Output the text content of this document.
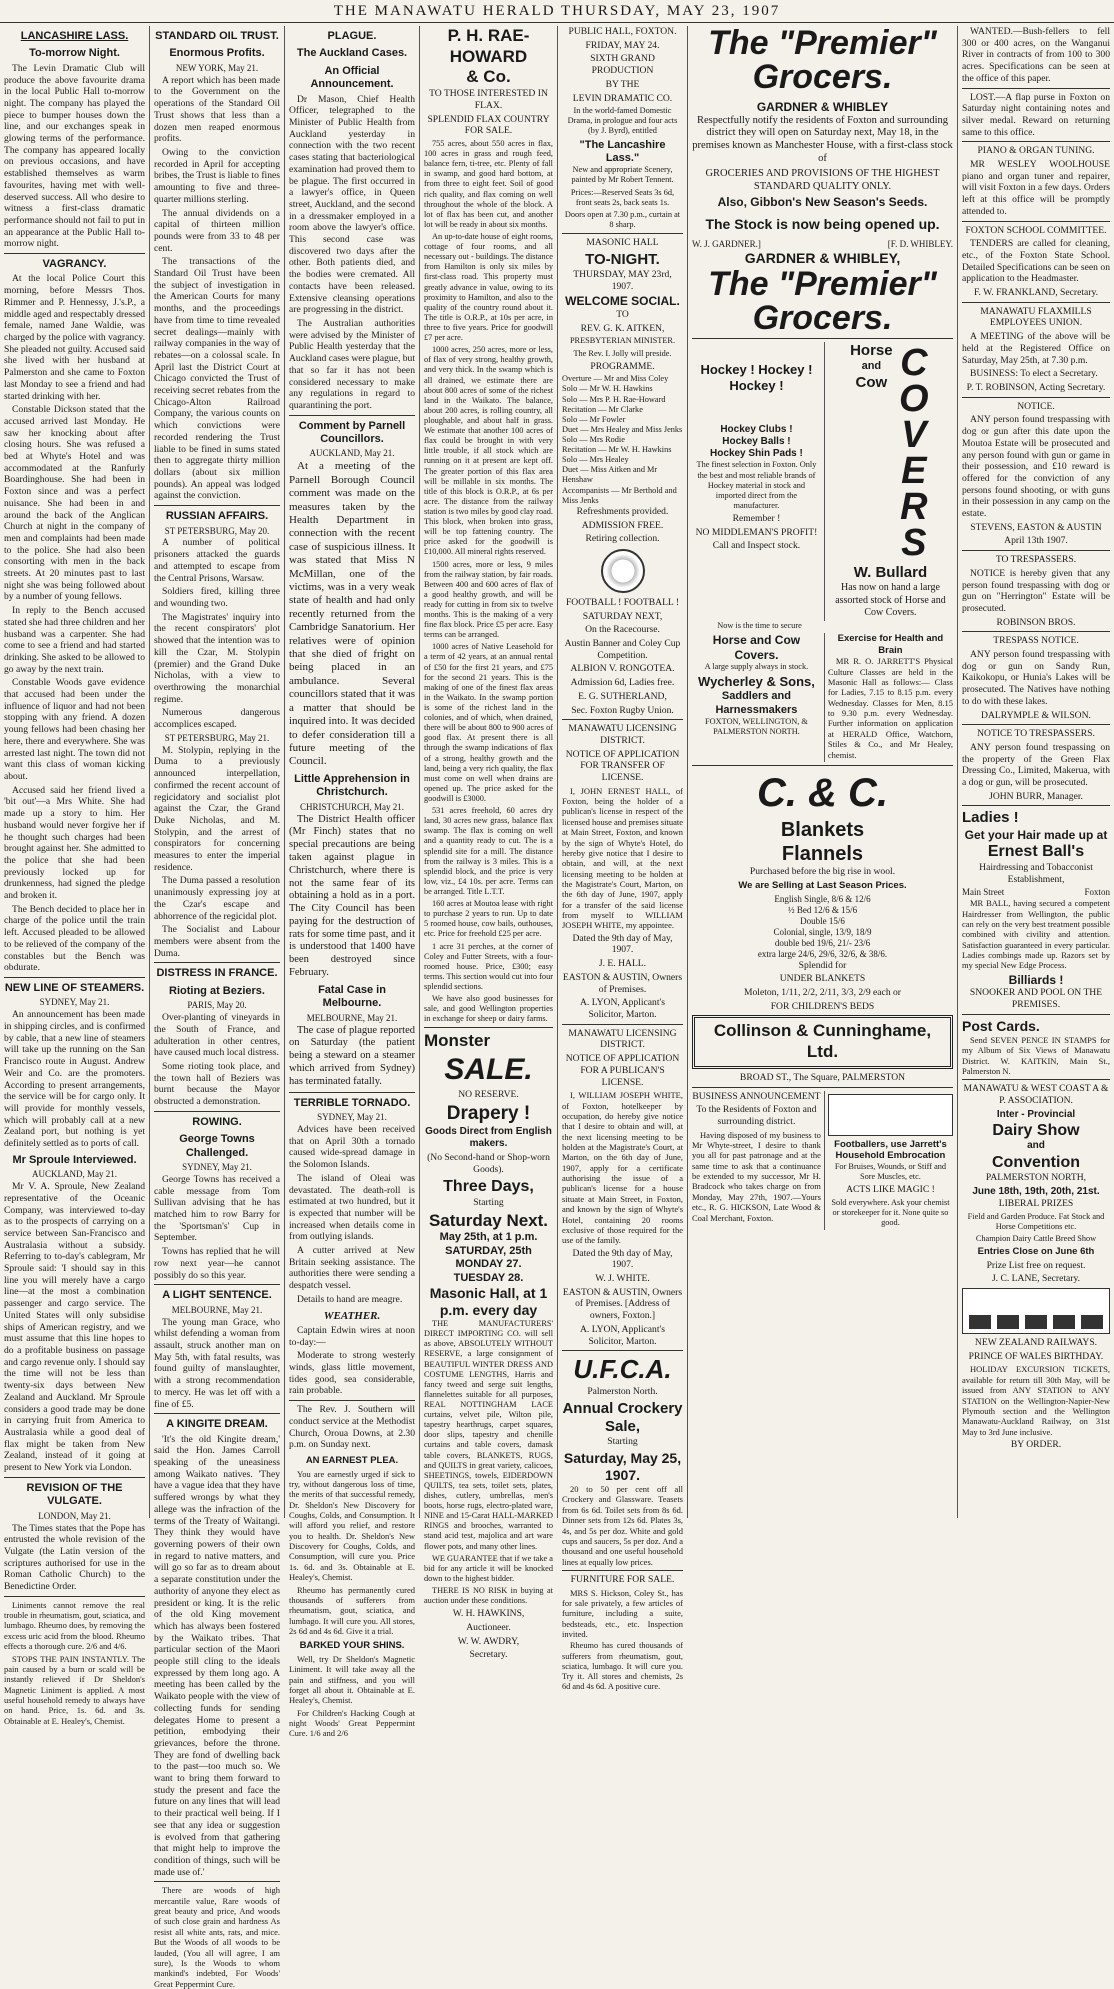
THE MANAWATU HERALD THURSDAY, MAY 23, 1907
LANCASHIRE LASS.
To-morrow Night.

The Levin Dramatic Club will produce the above favourite drama in the local Public Hall to-morrow night. The company has played the piece to bumper houses down the line, and our exchanges speak in glowing terms of the performance. The company has appeared locally on previous occasions, and have established themselves as warm favourites, having met with well-deserved success. All who desire to witness a first-class dramatic performance should not fail to put in an appearance at the Public Hall to-morrow night.

VAGRANCY.

At the local Police Court this morning, before Messrs Thos. Rimmer and P. Hennessy, J.'s.P., a middle aged and respectably dressed female, named Jane Waldie, was charged by the police with vagrancy. She pleaded not guilty. Accused said she lived with her husband at Palmerston and she came to Foxton last Monday to see a friend and had started drinking with her.

Constable Dickson stated that the accused arrived last Monday. He saw her knocking about after closing hours. She was refused a bed at Whyte's Hotel and was accommodated at the Ranfurly Boardinghouse. She had been in Foxton since and was a perfect nuisance. She had been in and around the back of the Anglican Church at night in the company of men and complaints had been made to the police. She had also been consorting with men in the back streets. At 20 minutes past to last night she was being followed about by a number of young fellows.

In reply to the Bench accused stated she had three children and her husband was a carpenter. She had come to see a friend and had started drinking. She asked to be allowed to go away by the next train.

Constable Woods gave evidence that accused had been under the influence of liquor and had not been stopping with any friend. A dozen young fellows had been chasing her here, there and everywhere. She was arrested last night. The town did not want this class of woman kicking about.

Accused said her friend lived a 'bit out'—a Mrs White. She had made up a story to him. Her husband would never forgive her if he thought such charges had been brought against her. She admitted to the police that she had been previously locked up for drunkenness, had signed the pledge and broken it.

The Bench decided to place her in charge of the police until the train left. Accused pleaded to be allowed to be relieved of the company of the constables but the Bench was obdurate.

NEW LINE OF STEAMERS.

SYDNEY, May 21.

An announcement has been made in shipping circles, and is confirmed by cable, that a new line of steamers will take up the running on the San Francisco route in August. Andrew Weir and Co. are the promoters. According to present arrangements, the service will be for cargo only. It will provide for monthly vessels, which will probably call at a new Zealand port, but nothing is yet definitely settled as to ports of call.

Mr Sproule Interviewed.

AUCKLAND, May 21.

Mr V. A. Sproule, New Zealand representative of the Oceanic Company, was interviewed to-day as to the prospects of carrying on a service between San-Francisco and Australasia without a subsidy. Referring to to-day's cablegram, Mr Sproule said: 'I should say in this line you will merely have a cargo line—at the most a combination passenger and cargo service. The United States will only subsidise ships of American registry, and we must assume that this line hopes to do a profitable business on passage and cargo revenue only. I should say the time will not be less than twenty-six days between New Zealand and Auckland. Mr Sproule considers a good trade may be done in carrying fruit from America to Australasia while a good deal of flax might be taken from New Zealand, instead of it going at present to New York via London.

REVISION OF THE VULGATE.

LONDON, May 21.

The Times states that the Pope has entrusted the whole revision of the Vulgate (the Latin version of the scriptures authorised for use in the Roman Catholic Church) to the Benedictine Order.

Liniments cannot remove the real trouble in rheumatism, gout, sciatica, and lumbago. Rheumo does, by removing the excess uric acid from the blood. Rheumo effects a thorough cure. 2/6 and 4/6.

STOPS THE PAIN INSTANTLY. The pain caused by a burn or scald will be instantly relieved if Dr Sheldon's Magnetic Liniment is applied. A most useful household remedy to always have on hand. Price, 1s. 6d. and 3s. Obtainable at E. Healey's, Chemist.

STANDARD OIL TRUST.
Enormous Profits.

NEW YORK, May 21.

A report which has been made to the Government on the operations of the Standard Oil Trust shows that less than a dozen men reaped enormous profits.

Owing to the conviction recorded in April for accepting bribes, the Trust is liable to fines amounting to five and three-quarter millions sterling.

The annual dividends on a capital of thirteen million pounds were from 33 to 48 per cent.

The transactions of the Standard Oil Trust have been the subject of investigation in the American Courts for many months, and the proceedings have from time to time revealed secret dealings—mainly with railway companies in the way of rebates—on a colossal scale. In April last the District Court at Chicago convicted the Trust of receiving secret rebates from the Chicago-Alton Railroad Company, the various counts on which convictions were recorded rendering the Trust liable to be fined in sums stated then to aggregate thirty million dollars (about six million pounds). An appeal was lodged against the conviction.

RUSSIAN AFFAIRS.

ST PETERSBURG, May 20.

A number of political prisoners attacked the guards and attempted to escape from the Central Prisons, Warsaw.

Soldiers fired, killing three and wounding two.

The Magistrates' inquiry into the recent conspirators' plot showed that the intention was to kill the Czar, M. Stolypin (premier) and the Grand Duke Nicholas, with a view to overthrowing the monarchial regime.

Numerous dangerous accomplices escaped.

ST PETERSBURG, May 21.

M. Stolypin, replying in the Duma to a previously announced interpellation, confirmed the recent account of regicidatory and socialist plot against the Czar, the Grand Duke Nicholas, and M. Stolypin, and the arrest of conspirators for concerning measures to enter the imperial residence.

The Duma passed a resolution unanimously expressing joy at the Czar's escape and abhorrence of the regicidal plot.

The Socialist and Labour members were absent from the Duma.

DISTRESS IN FRANCE.
Rioting at Beziers.

PARIS, May 20.

Over-planting of vineyards in the South of France, and adulteration in other centres, have caused much local distress.

Some rioting took place, and the town hall of Beziers was burnt because the Mayor obstructed a demonstration.

ROWING.
George Towns Challenged.

SYDNEY, May 21.

George Towns has received a cable message from Tom Sullivan advising that he has matched him to row Barry for the 'Sportsman's' Cup in September.

Towns has replied that he will row next year—he cannot possibly do so this year.

A LIGHT SENTENCE.

MELBOURNE, May 21.

The young man Grace, who whilst defending a woman from assault, struck another man on May 5th, with fatal results, was found guilty of manslaughter, with a strong recommendation to mercy. He was let off with a fine of £5.

A KINGITE DREAM.

'It's the old Kingite dream,' said the Hon. James Carroll speaking of the uneasiness among Waikato natives. 'They have a vague idea that they have suffered wrongs by what they allege was the infraction of the terms of the Treaty of Waitangi. They think they would have governing powers of their own in regard to native matters, and will go so far as to dream about a separate constitution under the authority of anyone they elect as president or king. It is the relic of the old King movement which has always been fostered by the Waikato tribes. That particular section of the Maori people still cling to the ideals expressed by them long ago. A meeting has been called by the Waikato people with the view of collecting funds for sending delegates Home to present a petition, embodying their grievances, before the throne. They are fond of dwelling back to the past—too much so. We want to bring them forward to study the present and face the future on any lines that will lead to their practical well being. If I see that any idea or suggestion is evolved from that gathering that might help to improve the condition of things, such will be made use of.'

There are woods of high mercantile value, Rare woods of great beauty and price, And woods of such close grain and hardness As resist all white ants, rats, and mice. But the Woods of all woods to be lauded, (You all will agree, I am sure), Is the Woods to whom mankind's indebted, For Woods' Great Peppermint Cure.

PLAGUE.
The Auckland Cases.
An Official Announcement.

Dr Mason, Chief Health Officer, telegraphed to the Minister of Public Health from Auckland yesterday in connection with the two recent cases stating that bacteriological examination had proved them to be plague. The first occurred in a lawyer's office, in Queen street, Auckland, and the second in a dressmaker employed in a room above the lawyer's office. This second case was discovered two days after the other. Both patients died, and the bodies were cremated. All contacts have been released. Extensive cleansing operations are progressing in the district.

The Australian authorities were advised by the Minister of Public Health yesterday that the Auckland cases were plague, but that so far it has not been considered necessary to make any regulations in regard to quarantining the port.

Comment by Parnell Councillors.

AUCKLAND, May 21.

At a meeting of the Parnell Borough Council comment was made on the measures taken by the Health Department in connection with the recent case of suspicious illness. It was stated that Miss N McMillan, one of the victims, was in a very weak state of health and had only recently returned from the Cambridge Sanatorium. Her relatives were of opinion that she died of fright on being placed in an ambulance. Several councillors stated that it was a matter that should be inquired into. It was decided to defer consideration till a future meeting of the Council.

Little Apprehension in Christchurch.

CHRISTCHURCH, May 21.

The District Health officer (Mr Finch) states that no special precautions are being taken against plague in Christchurch, where there is not the same fear of its obtaining a hold as in a port. The City Council has been paying for the destruction of rats for some time past, and it is understood that 1400 have been destroyed since February.

Fatal Case in Melbourne.

MELBOURNE, May 21.

The case of plague reported on Saturday (the patient being a steward on a steamer which arrived from Sydney) has terminated fatally.

TERRIBLE TORNADO.

SYDNEY, May 21.

Advices have been received that on April 30th a tornado caused wide-spread damage in the Solomon Islands.

The island of Oleai was devastated. The death-roll is estimated at two hundred, but it is expected that number will be increased when details come in from outlying islands.

A cutter arrived at New Britain seeking assistance. The authorities there were sending a despatch vessel.

Details to hand are meagre.

WEATHER.

Captain Edwin wires at noon to-day:—

Moderate to strong westerly winds, glass little movement, tides good, sea considerable, rain probable.

The Rev. J. Southern will conduct service at the Methodist Church, Oroua Downs, at 2.30 p.m. on Sunday next.

AN EARNEST PLEA.

You are earnestly urged if sick to try, without dangerous loss of time, the merits of that successful remedy, Dr. Sheldon's New Discovery for Coughs, Colds, and Consumption. It will afford you relief, and restore you to health. Dr. Sheldon's New Discovery for Coughs, Colds, and Consumption, will cure you. Price 1s. 6d. and 3s. Obtainable at E. Healey's, Chemist.

Rheumo has permanently cured thousands of sufferers from rheumatism, gout, sciatica, and lumbago. It will cure you. All stores, 2s 6d and 4s 6d. Give it a trial.

BARKED YOUR SHINS.

Well, try Dr Sheldon's Magnetic Liniment. It will take away all the pain and stiffness, and you will forget all about it. Obtainable at E. Healey's, Chemist.

For Children's Hacking Cough at night Woods' Great Peppermint Cure. 1/6 and 2/6

P. H. RAE-HOWARD
& Co.

TO THOSE INTERESTED IN FLAX.

SPLENDID FLAX COUNTRY FOR SALE.

755 acres, about 550 acres in flax, 100 acres in grass and rough feed, balance fern, ti-tree, etc. Plenty of fall in swamp, and good hard bottom, at from three to eight feet. Soil of good rich quality, and flax coming on well throughout the whole of the block. A lot of flax has been cut, and another lot will be ready in about six months.

An up-to-date house of eight rooms, cottage of four rooms, and all necessary out - buildings. The distance from Hamilton is only six miles by first-class road. This property must greatly advance in value, owing to its proximity to Hamilton, and also to the quality of the country round about it. The title is O.R.P., at 10s per acre, in three to five years. Price for goodwill £7 per acre.

1000 acres, 250 acres, more or less, of flax of very strong, healthy growth, and very thick. In the swamp which is all drained, we estimate there are about 800 acres of some of the richest land in the Waikato. The balance, about 200 acres, is rolling country, all ploughable, and about half in grass. We estimate that another 100 acres of flax could be brought in with very little trouble, if all stock which are running on it at present are kept off. The greater portion of this flax area will be millable in six months. The title of this block is O.R.P., at 6s per acre. The distance from the railway station is two miles by good clay road. This block, when broken into grass, will be top fattening country. The price asked for the goodwill is £10,000. All mineral rights reserved.

1500 acres, more or less, 9 miles from the railway station, by fair roads. Between 400 and 600 acres of flax of a good healthy growth, and will be ready for cutting in from six to twelve months. This is the making of a very fine flax block. Price £5 per acre. Easy terms can be arranged.

1000 acres of Native Leasehold for a term of 42 years, at an annual rental of £50 for the first 21 years, and £75 for the second 21 years. This is the making of one of the finest flax areas in the Waikato. In the swamp portion is some of the richest land in the colonies, and of which, when drained, there will be about 800 to 900 acres of good flax. At present there is all through the swamp indications of flax of a strong, healthy growth and the land, being a very rich quality, the flax must come on well when drains are opened up. The price asked for the goodwill is £3000.

531 acres freehold, 60 acres dry land, 30 acres new grass, balance flax swamp. The flax is coming on well and a quantity ready to cut. The is a splendid site for a mill. The distance from the railway is 3 miles. This is a splendid block, and the price is very low, viz., £4 10s. per acre. Terms can be arranged. Title L.T.T.

160 acres at Moutoa lease with right to purchase 2 years to run. Up to date 5 roomed house, cow bails, outhouses, etc. Price for freehold £25 per acre.

1 acre 31 perches, at the corner of Coley and Futter Streets, with a four-roomed house. Price, £300; easy terms. This section would cut into four splendid sections.

We have also good businesses for sale, and good Wellington properties in exchange for sheep or dairy farms.

Monster
SALE.

NO RESERVE.

Drapery !

Goods Direct from English makers.

(No Second-hand or Shop-worn Goods).

Three Days,

Starting

Saturday Next.
May 25th, at 1 p.m.
SATURDAY, 25th
MONDAY 27.
TUESDAY 28.
Masonic Hall, at 1 p.m. every day

THE MANUFACTURERS' DIRECT IMPORTING CO. will sell as above, ABSOLUTELY WITHOUT RESERVE, a large consignment of BEAUTIFUL WINTER DRESS AND COSTUME LENGTHS, Harris and fancy tweed and serge suit lengths, flannelettes suitable for all purposes, REAL NOTTINGHAM LACE curtains, velvet pile, Wilton pile, tapestry hearthrugs, carpet squares, door slips, tapestry and chenille curtains and table covers, damask table covers, BLANKETS, RUGS, and QUILTS in great variety, calicoes, SHEETINGS, towels, EIDERDOWN QUILTS, tea sets, toilet sets, plates, dishes, cutlery, umbrellas, men's boots, horse rugs, electro-plated ware, NINE and 15-Carat HALL-MARKED RINGS and brooches, warranted to stand acid test, majolica and art ware flower pots, and many other lines.

WE GUARANTEE that if we take a bid for any article it will be knocked down to the highest bidder.

THERE IS NO RISK in buying at auction under these conditions.

W. H. HAWKINS,

Auctioneer.

W. W. AWDRY,

Secretary.

PUBLIC HALL, FOXTON.

FRIDAY, MAY 24.

SIXTH GRAND PRODUCTION

BY THE

LEVIN DRAMATIC CO.

In the world-famed Domestic Drama, in prologue and four acts (by J. Byrd), entitled

"The Lancashire Lass."

New and appropriate Scenery, painted by Mr Robert Tennent.

Prices:—Reserved Seats 3s 6d, front seats 2s, back seats 1s.

Doors open at 7.30 p.m., curtain at 8 sharp.

MASONIC HALL

TO-NIGHT.

THURSDAY, MAY 23rd, 1907.

WELCOME SOCIAL.

TO

REV. G. K. AITKEN,

PRESBYTERIAN MINISTER.

The Rev. I. Jolly will preside.

PROGRAMME.

Overture — Mr and Miss Coley
Solo — Mr W. H. Hawkins
Solo — Mrs P. H. Rae-Howard
Recitation — Mr Clarke
Solo — Mr Fowler
Duet — Mrs Healey and Miss Jenks
Solo — Mrs Rodie
Recitation — Mr W. H. Hawkins
Solo — Mrs Healey
Duet — Miss Aitken and Mr Henshaw
Accompanists — Mr Berthold and Miss Jenks

Refreshments provided.

ADMISSION FREE.

Retiring collection.

FOOTBALL ! FOOTBALL !

SATURDAY NEXT,

On the Racecourse.

Austin Banner and Coley Cup Competition.

ALBION V. RONGOTEA.

Admission 6d, Ladies free.

E. G. SUTHERLAND,

Sec. Foxton Rugby Union.

MANAWATU LICENSING DISTRICT.

NOTICE OF APPLICATION FOR TRANSFER OF LICENSE.

I, JOHN ERNEST HALL, of Foxton, being the holder of a publican's license in respect of the licensed house and premises situate at Main Street, Foxton, and known by the sign of Whyte's Hotel, do hereby give notice that I desire to obtain, and will, at the next licensing meeting to be holden at the Magistrate's Court, Marton, on the 6th day of June, 1907, apply for a transfer of the said license from myself to WILLIAM JOSEPH WHITE, my appointee.

Dated the 9th day of May, 1907.

J. E. HALL.

EASTON & AUSTIN, Owners of Premises.

A. LYON, Applicant's Solicitor, Marton.

MANAWATU LICENSING DISTRICT.

NOTICE OF APPLICATION FOR A PUBLICAN'S LICENSE.

I, WILLIAM JOSEPH WHITE, of Foxton, hotelkeeper by occupation, do hereby give notice that I desire to obtain and will, at the next licensing meeting to be holden at the Magistrate's Court, at Marton, on the 6th day of June, 1907, apply for a certificate authorising the issue of a publican's license for a house situate at Main Street, in Foxton, and known by the sign of Whyte's Hotel, containing 20 rooms exclusive of those required for the use of the family.

Dated the 9th day of May, 1907.

W. J. WHITE.

EASTON & AUSTIN, Owners of Premises. [Address of owners, Foxton.]

A. LYON, Applicant's Solicitor, Marton.

U.F.C.A.

Palmerston North.

Annual Crockery Sale,

Starting

Saturday, May 25, 1907.

20 to 50 per cent off all Crockery and Glassware. Teasets from 6s 6d. Toilet sets from 8s 6d. Dinner sets from 12s 6d. Plates 3s, 4s, and 5s per doz. White and gold cups and saucers, 5s per doz. And a thousand and one useful household lines at equally low prices.

FURNITURE FOR SALE.

MRS S. Hickson, Coley St., has for sale privately, a few articles of furniture, including a suite, bedsteads, etc., etc. Inspection invited.

Rheumo has cured thousands of sufferers from rheumatism, gout, sciatica, lumbago. It will cure you. Try it. All stores and chemists, 2s 6d and 4s 6d. A positive cure.

The "Premier"
Grocers.
GARDNER & WHIBLEY

Respectfully notify the residents of Foxton and surrounding district they will open on Saturday next, May 18, in the premises known as Manchester House, with a first-class stock of

GROCERIES AND PROVISIONS OF THE HIGHEST STANDARD QUALITY ONLY.

Also, Gibbon's New Season's Seeds.
The Stock is now being opened up.
W. J. GARDNER.]	[F. D. WHIBLEY.
GARDNER & WHIBLEY,
The "Premier"
Grocers.
Hockey ! Hockey !
Hockey !
Hockey Clubs !
Hockey Balls !
Hockey Shin Pads !

The finest selection in Foxton. Only the best and most reliable brands of Hockey material in stock and imported direct from the manufacturer.

Remember !

NO MIDDLEMAN'S PROFIT!

Call and Inspect stock.

Horse
and
Cow COVERS
W. Bullard

Has now on hand a large assorted stock of Horse and Cow Covers.

Now is the time to secure

Horse and Cow Covers.

A large supply always in stock.

Wycherley & Sons,
Saddlers and Harnessmakers

FOXTON, WELLINGTON, & PALMERSTON NORTH.

Exercise for Health and Brain

MR R. O. JARRETT'S Physical Culture Classes are held in the Masonic Hall as follows:— Class for Ladies, 7.15 to 8.15 p.m. every Wednesday. Classes for Men, 8.15 to 9.30 p.m. every Wednesday. Further information on application at HERALD Office, Watchorn, Stiles & Co., and Mr Healey, chemist.

C. & C.
Blankets
Flannels

Purchased before the big rise in wool.

We are Selling at Last Season Prices.

English Single, 8/6 & 12/6
½ Bed 12/6 & 15/6
Double 15/6
Colonial, single, 13/9, 18/9
double bed 19/6, 21/- 23/6
extra large 24/6, 29/6, 32/6, & 38/6.

Splendid for

UNDER BLANKETS

Moleton, 1/11, 2/2, 2/11, 3/3, 2/9 each or

FOR CHILDREN'S BEDS

Collinson & Cunninghame, Ltd.

BROAD ST., The Square, PALMERSTON

BUSINESS ANNOUNCEMENT

To the Residents of Foxton and surrounding district.

Having disposed of my business to Mr Whyte-street, I desire to thank you all for past patronage and at the same time to ask that a continuance be extended to my successor, Mr H. Bradcock who takes charge on from Monday, May 27th, 1907.—Yours etc., R. G. HICKSON, Late Wood & Coal Merchant, Foxton.

Footballers, use Jarrett's Household Embrocation

For Bruises, Wounds, or Stiff and Sore Muscles, etc.

ACTS LIKE MAGIC !

Sold everywhere. Ask your chemist or storekeeper for it. None quite so good.

WANTED.—Bush-fellers to fell 300 or 400 acres, on the Wanganui River in contracts of from 100 to 300 acres. Specifications can be seen at the office of this paper.

LOST.—A flap purse in Foxton on Saturday night containing notes and silver medal. Reward on returning same to this office.

PIANO & ORGAN TUNING.

MR WESLEY WOOLHOUSE piano and organ tuner and repairer, will visit Foxton in a few days. Orders left at this office will be promptly attended to.

FOXTON SCHOOL COMMITTEE.

TENDERS are called for cleaning, etc., of the Foxton State School. Detailed Specifications can be seen on application to the Headmaster.

F. W. FRANKLAND, Secretary.

MANAWATU FLAXMILLS EMPLOYEES UNION.

A MEETING of the above will be held at the Registered Office on Saturday, May 25th, at 7.30 p.m.

BUSINESS: To elect a Secretary.

P. T. ROBINSON, Acting Secretary.

NOTICE.

ANY person found trespassing with dog or gun after this date upon the Moutoa Estate will be prosecuted and any person found with gun or game in their possession, and £10 reward is offered for the conviction of any persons found shooting, or with guns in their possession in any camp on the estate.

STEVENS, EASTON & AUSTIN

April 13th 1907.

TO TRESPASSERS.

NOTICE is hereby given that any person found trespassing with dog or gun on "Herrington" Estate will be prosecuted.

ROBINSON BROS.

TRESPASS NOTICE.

ANY person found trespassing with dog or gun on Sandy Run, Kaikokopu, or Hunia's Lakes will be prosecuted. The Natives have nothing to do with these lakes.

DALRYMPLE & WILSON.

NOTICE TO TRESPASSERS.

ANY person found trespassing on the property of the Green Flax Dressing Co., Limited, Makerua, with a dog or gun, will be prosecuted.

JOHN BURR, Manager.

Ladies !
Get your Hair made up at
Ernest Ball's

Hairdressing and Tobacconist Establishment,

Main Street	Foxton

MR BALL, having secured a competent Hairdresser from Wellington, the public can rely on the very best treatment possible combined with civility and attention. Satisfaction guaranteed in every particular. Ladies combings made up. Razors set by my special New Edge Process.

Billiards !

SNOOKER AND POOL ON THE PREMISES.

Post Cards.

Send SEVEN PENCE IN STAMPS for my Album of Six Views of Manawatu District. W. KAITKIN, Main St., Palmerston N.

MANAWATU & WEST COAST A & P. ASSOCIATION.

Inter - Provincial
Dairy Show
and
Convention

PALMERSTON NORTH,

June 18th, 19th, 20th, 21st.

LIBERAL PRIZES

Field and Garden Produce. Fat Stock and Horse Competitions etc.

Champion Dairy Cattle Breed Show

Entries Close on June 6th

Prize List free on request.

J. C. LANE, Secretary.

NEW ZEALAND RAILWAYS.

PRINCE OF WALES BIRTHDAY.

HOLIDAY EXCURSION TICKETS, available for return till 30th May, will be issued from ANY STATION to ANY STATION on the Wellington-Napier-New Plymouth section and the Wellington Manawatu-Auckland Railway, on 31st May to 3rd June inclusive.

BY ORDER.
